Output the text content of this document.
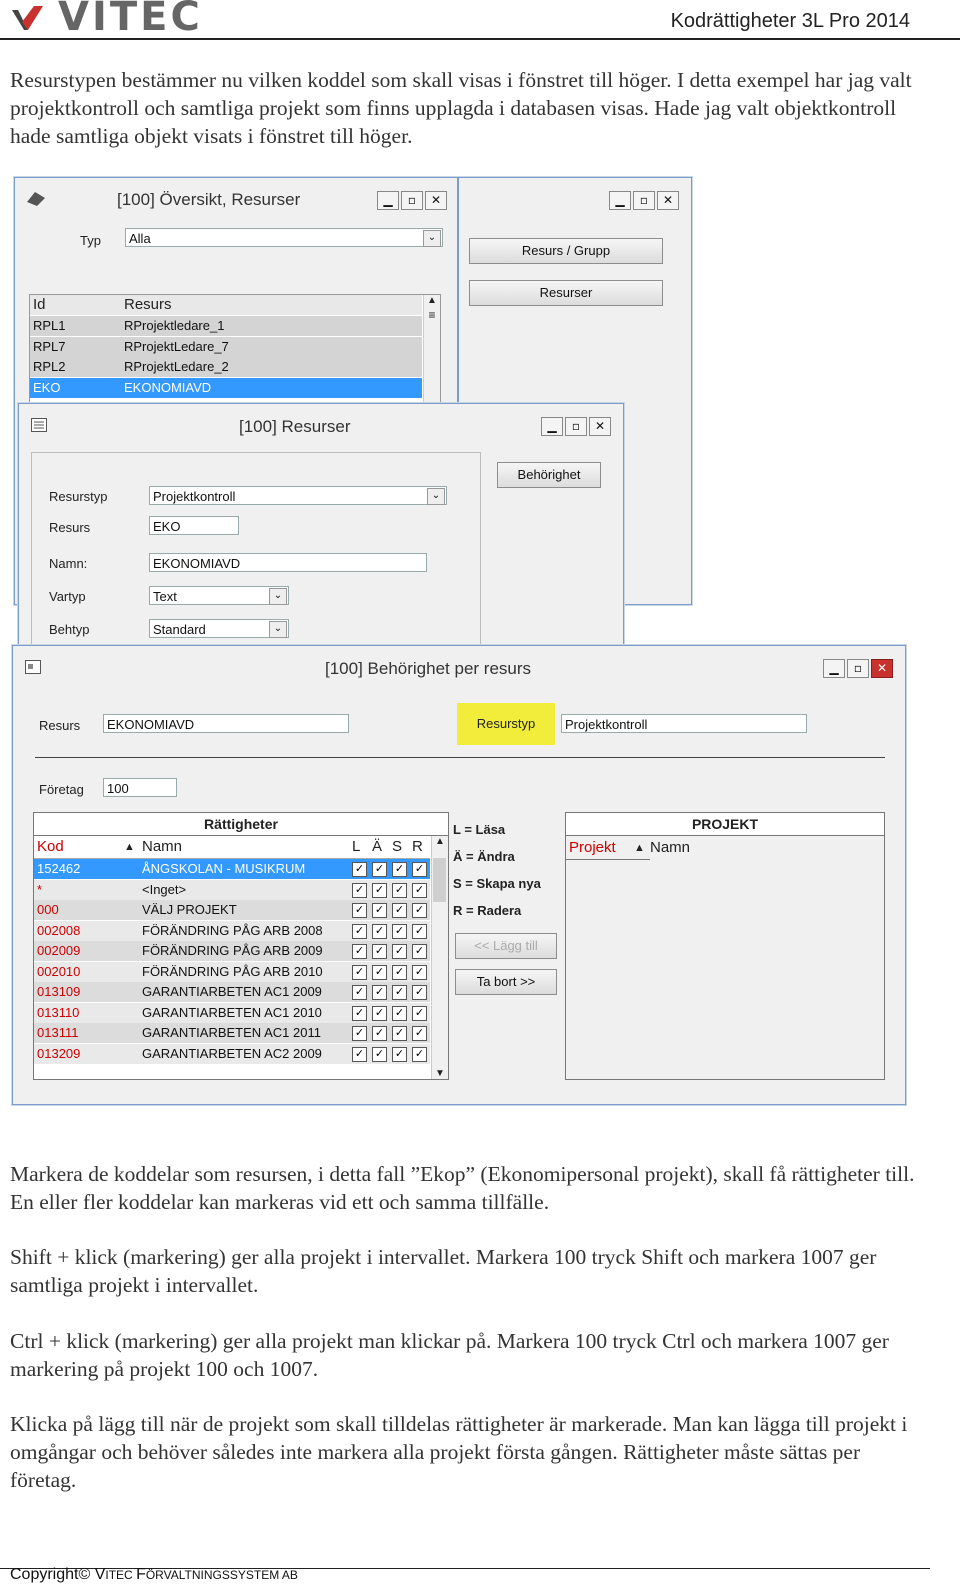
VITEC	Kodrättigheter 3L Pro 2014
Resurstypen bestämmer nu vilken koddel som skall visas i fönstret till höger. I detta exempel har jag valt projektkontroll och samtliga projekt som finns upplagda i databasen visas. Hade jag valt objektkontroll hade samtliga objekt visats i fönstret till höger.
[100] Översikt, Resurser	▁	▫	✕	▁	▫	✕
Typ	Alla	⌄
Resurs / Grupp
Resurser
Id	Resurs
RPL1	RProjektledare_1
RPL7	RProjektLedare_7
RPL2	RProjektLedare_2
EKO	EKONOMIAVD
▲
≡
[100] Resurser	▁	▫	✕
Behörighet
Resurstyp	Projektkontroll	⌄
Resurs	EKO
Namn:	EKONOMIAVD
Vartyp	Text	⌄
Behtyp	Standard	⌄
[100] Behörighet per resurs	▁	▫	✕
Resurs	EKONOMIAVD	Resurstyp	Projektkontroll
Företag	100
Rättigheter
Kod	▲ Namn	L Ä S R
152462	ÅNGSKOLAN - MUSIKRUM	✓ ✓ ✓ ✓
*	<Inget>	✓ ✓ ✓ ✓
000	VÄLJ PROJEKT	✓ ✓ ✓ ✓
002008	FÖRÄNDRING PÅG ARB 2008	✓ ✓ ✓ ✓
002009	FÖRÄNDRING PÅG ARB 2009	✓ ✓ ✓ ✓
002010	FÖRÄNDRING PÅG ARB 2010	✓ ✓ ✓ ✓
013109	GARANTIARBETEN AC1 2009	✓ ✓ ✓ ✓
013110	GARANTIARBETEN AC1 2010	✓ ✓ ✓ ✓
013111	GARANTIARBETEN AC1 2011	✓ ✓ ✓ ✓
013209	GARANTIARBETEN AC2 2009	✓ ✓ ✓ ✓
▲
▼
L = Läsa
Ä = Ändra
S = Skapa nya
R = Radera
<< Lägg till
Ta bort >>
PROJEKT
Projekt ▲ Namn
Markera de koddelar som resursen, i detta fall ”Ekop” (Ekonomipersonal projekt), skall få rättigheter till. En eller fler koddelar kan markeras vid ett och samma tillfälle.
Shift + klick (markering) ger alla projekt i intervallet. Markera 100 tryck Shift och markera 1007 ger samtliga projekt i intervallet.
Ctrl + klick (markering) ger alla projekt man klickar på. Markera 100 tryck Ctrl och markera 1007 ger markering på projekt 100 och 1007.
Klicka på lägg till när de projekt som skall tilldelas rättigheter är markerade. Man kan lägga till projekt i omgångar och behöver således inte markera alla projekt första gången. Rättigheter måste sättas per företag.
Copyright© VITEC FÖRVALTNINGSSYSTEM AB
